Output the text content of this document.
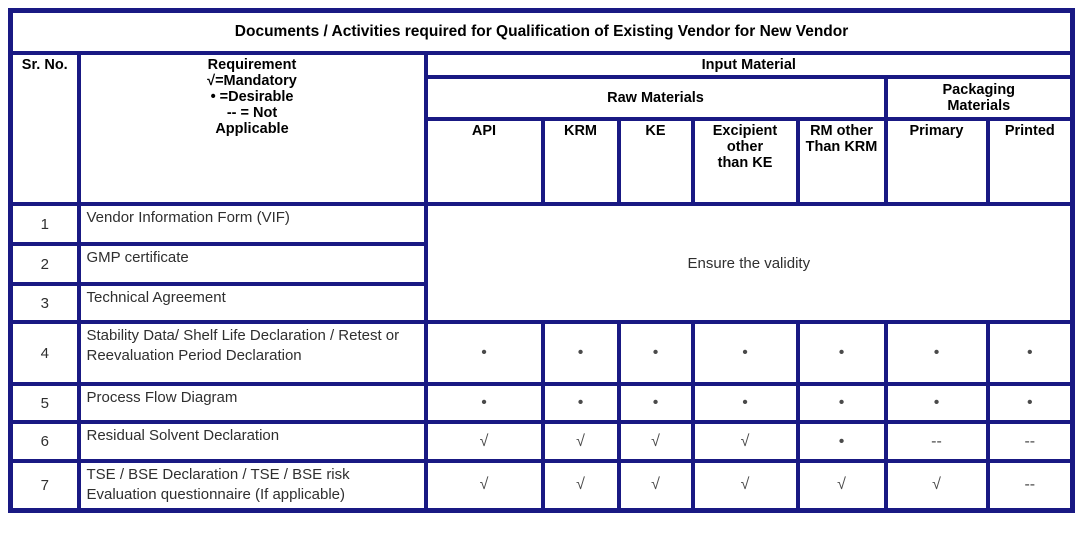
Documents / Activities required for Qualification of Existing Vendor for New Vendor								
Sr. No.	Requirement
√=Mandatory
• =Desirable
-- = Not Applicable	Input Material						
		Raw Materials					Packaging Materials	
		API	KRM	KE	Excipient other than KE	RM other Than KRM	Primary	Printed
1	Vendor Information Form (VIF)	Ensure the validity						
2	GMP certificate							
3	Technical Agreement							
4	Stability Data/ Shelf Life Declaration / Retest or Reevaluation Period Declaration	•	•	•	•	•	•	•
5	Process Flow Diagram	•	•	•	•	•	•	•
6	Residual Solvent Declaration	√	√	√	√	•	--	--
7	TSE / BSE Declaration / TSE / BSE risk Evaluation questionnaire (If applicable)	√	√	√	√	√	√	--
